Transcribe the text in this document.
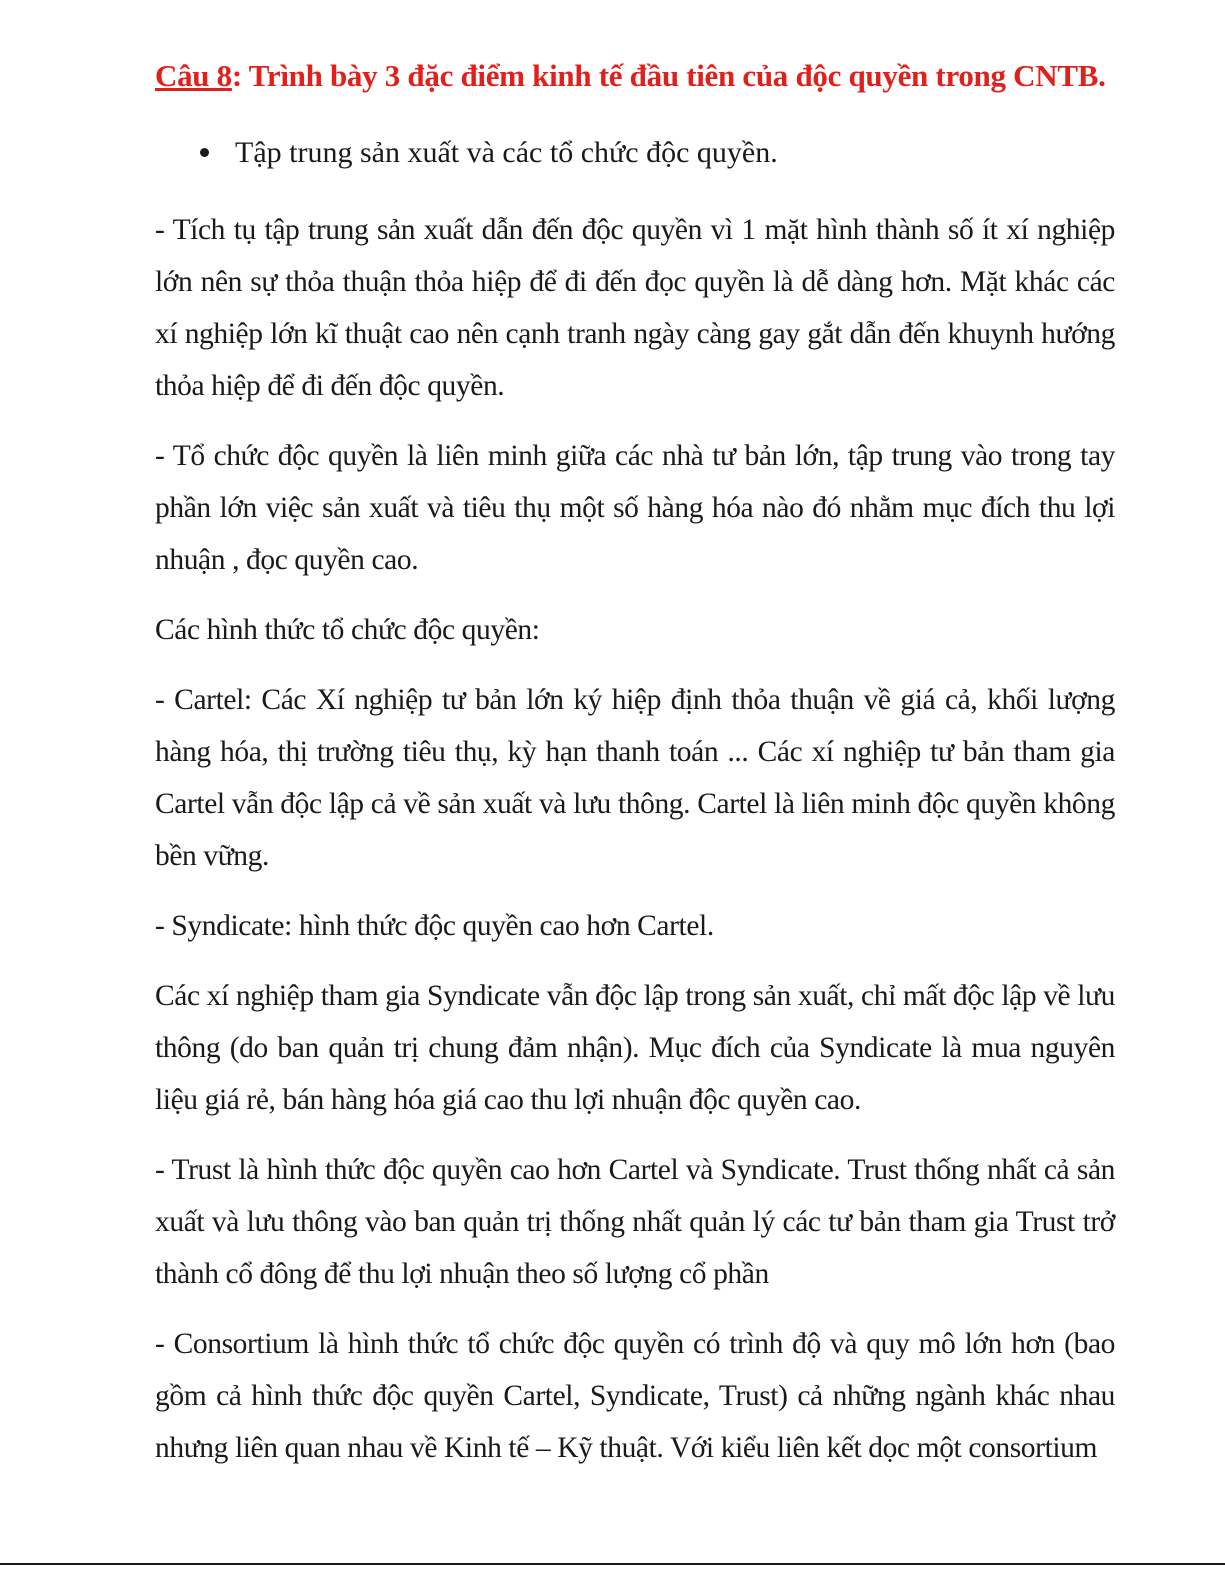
Câu 8: Trình bày 3 đặc điểm kinh tế đầu tiên của độc quyền trong CNTB.
Tập trung sản xuất và các tổ chức độc quyền.

- Tích tụ tập trung sản xuất dẫn đến độc quyền vì 1 mặt hình thành số ít xí nghiệp lớn nên sự thỏa thuận thỏa hiệp để đi đến đọc quyền là dễ dàng hơn. Mặt khác các xí nghiệp lớn kĩ thuật cao nên cạnh tranh ngày càng gay gắt dẫn đến khuynh hướng thỏa hiệp để đi đến độc quyền.

- Tổ chức độc quyền là liên minh giữa các nhà tư bản lớn, tập trung vào trong tay phần lớn việc sản xuất và tiêu thụ một số hàng hóa nào đó nhằm mục đích thu lợi nhuận , đọc quyền cao.

Các hình thức tổ chức độc quyền:

- Cartel: Các Xí nghiệp tư bản lớn ký hiệp định thỏa thuận về giá cả, khối lượng hàng hóa, thị trường tiêu thụ, kỳ hạn thanh toán ... Các xí nghiệp tư bản tham gia Cartel vẫn độc lập cả về sản xuất và lưu thông. Cartel là liên minh độc quyền không bền vững.

- Syndicate: hình thức độc quyền cao hơn Cartel.

Các xí nghiệp tham gia Syndicate vẫn độc lập trong sản xuất, chỉ mất độc lập về lưu thông (do ban quản trị chung đảm nhận). Mục đích của Syndicate là mua nguyên liệu giá rẻ, bán hàng hóa giá cao thu lợi nhuận độc quyền cao.

- Trust là hình thức độc quyền cao hơn Cartel và Syndicate. Trust thống nhất cả sản xuất và lưu thông vào ban quản trị thống nhất quản lý các tư bản tham gia Trust trở thành cổ đông để thu lợi nhuận theo số lượng cổ phần

- Consortium là hình thức tổ chức độc quyền có trình độ và quy mô lớn hơn (bao gồm cả hình thức độc quyền Cartel, Syndicate, Trust) cả những ngành khác nhau nhưng liên quan nhau về Kinh tế – Kỹ thuật. Với kiểu liên kết dọc một consortium
